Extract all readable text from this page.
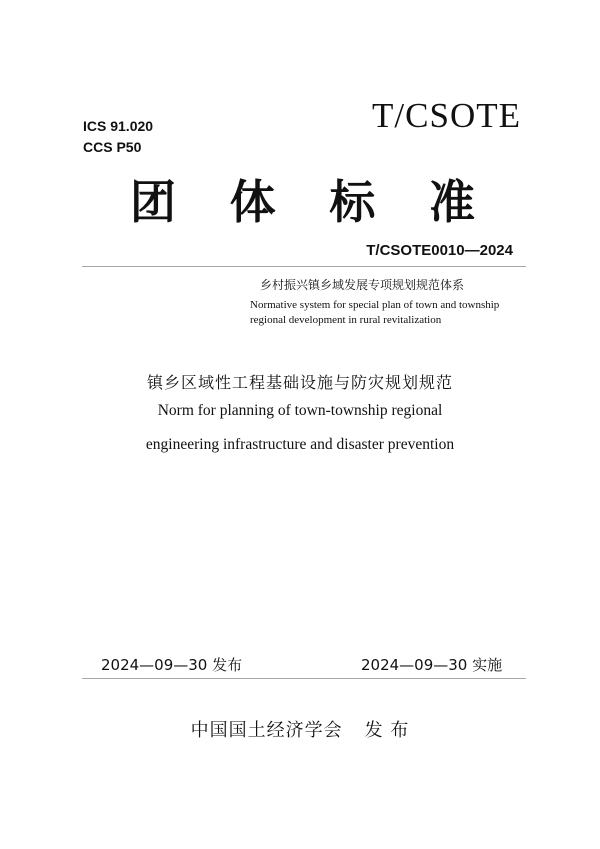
ICS 91.020
CCS P50
T/CSOTE
团 体 标 准
T/CSOTE0010—2024
乡村振兴镇乡域发展专项规划规范体系
Normative system for special plan of town and township regional development in rural revitalization
镇乡区域性工程基础设施与防灾规划规范
Norm for planning of town-township regional
engineering infrastructure and disaster prevention
2024—09—30 发布	2024—09—30 实施
中国国土经济学会 发 布
